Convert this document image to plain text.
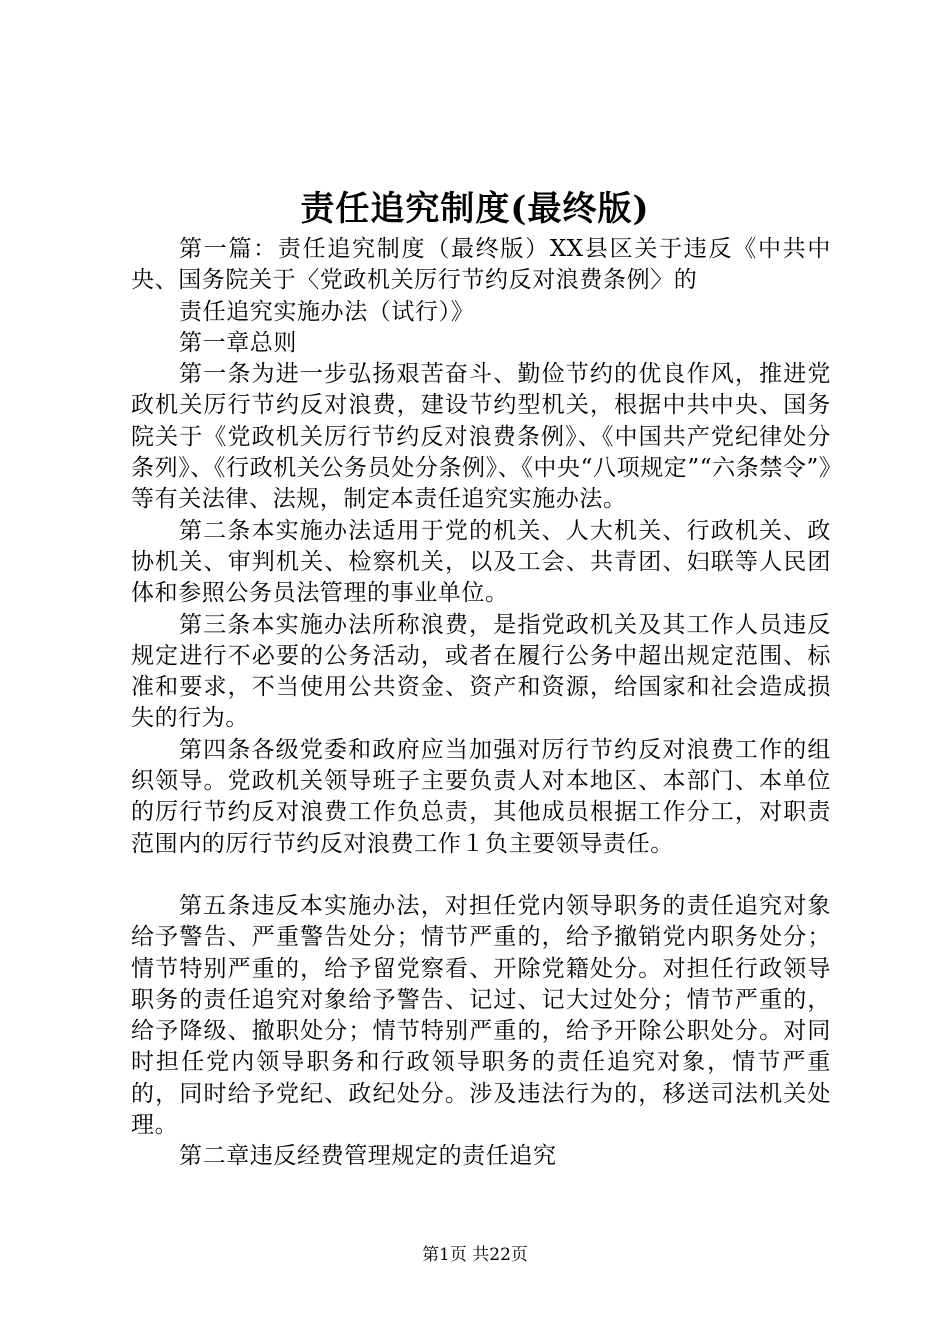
责任追究制度(最终版)

第一篇：责任追究制度（最终版）XX县区关于违反《中共中央、国务院关于〈党政机关厉行节约反对浪费条例〉的

责任追究实施办法（试行）》

第一章总则

第一条为进一步弘扬艰苦奋斗、勤俭节约的优良作风，推进党政机关厉行节约反对浪费，建设节约型机关，根据中共中央、国务院关于《党政机关厉行节约反对浪费条例》、《中国共产党纪律处分条列》、《行政机关公务员处分条例》、《中央“八项规定”“六条禁令”》等有关法律、法规，制定本责任追究实施办法。

第二条本实施办法适用于党的机关、人大机关、行政机关、政协机关、审判机关、检察机关，以及工会、共青团、妇联等人民团体和参照公务员法管理的事业单位。

第三条本实施办法所称浪费，是指党政机关及其工作人员违反规定进行不必要的公务活动，或者在履行公务中超出规定范围、标准和要求，不当使用公共资金、资产和资源，给国家和社会造成损失的行为。

第四条各级党委和政府应当加强对厉行节约反对浪费工作的组织领导。党政机关领导班子主要负责人对本地区、本部门、本单位的厉行节约反对浪费工作负总责，其他成员根据工作分工，对职责范围内的厉行节约反对浪费工作１负主要领导责任。

第五条违反本实施办法，对担任党内领导职务的责任追究对象给予警告、严重警告处分；情节严重的，给予撤销党内职务处分；情节特别严重的，给予留党察看、开除党籍处分。对担任行政领导职务的责任追究对象给予警告、记过、记大过处分；情节严重的，给予降级、撤职处分；情节特别严重的，给予开除公职处分。对同时担任党内领导职务和行政领导职务的责任追究对象，情节严重的，同时给予党纪、政纪处分。涉及违法行为的，移送司法机关处理。

第二章违反经费管理规定的责任追究

第1页 共22页
